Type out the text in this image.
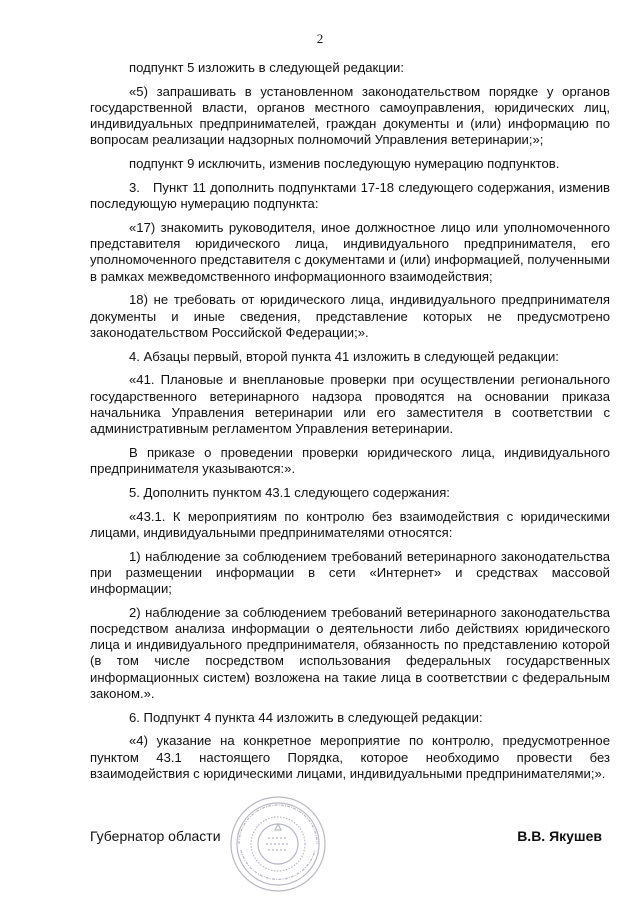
2

подпункт 5 изложить в следующей редакции:

«5) запрашивать в установленном законодательством порядке у органов государственной власти, органов местного самоуправления, юридических лиц, индивидуальных предпринимателей, граждан документы и (или) информацию по вопросам реализации надзорных полномочий Управления ветеринарии;»;

подпункт 9 исключить, изменив последующую нумерацию подпунктов.

3. Пункт 11 дополнить подпунктами 17-18 следующего содержания, изменив последующую нумерацию подпункта:

«17) знакомить руководителя, иное должностное лицо или уполномоченного представителя юридического лица, индивидуального предпринимателя, его уполномоченного представителя с документами и (или) информацией, полученными в рамках межведомственного информационного взаимодействия;

18) не требовать от юридического лица, индивидуального предпринимателя документы и иные сведения, представление которых не предусмотрено законодательством Российской Федерации;».

4. Абзацы первый, второй пункта 41 изложить в следующей редакции:

«41. Плановые и внеплановые проверки при осуществлении регионального государственного ветеринарного надзора проводятся на основании приказа начальника Управления ветеринарии или его заместителя в соответствии с административным регламентом Управления ветеринарии.

В приказе о проведении проверки юридического лица, индивидуального предпринимателя указываются:».

5. Дополнить пунктом 43.1 следующего содержания:

«43.1. К мероприятиям по контролю без взаимодействия с юридическими лицами, индивидуальными предпринимателями относятся:

1) наблюдение за соблюдением требований ветеринарного законодательства при размещении информации в сети «Интернет» и средствах массовой информации;

2) наблюдение за соблюдением требований ветеринарного законодательства посредством анализа информации о деятельности либо действиях юридического лица и индивидуального предпринимателя, обязанность по представлению которой (в том числе посредством использования федеральных государственных информационных систем) возложена на такие лица в соответствии с федеральным законом.».

6. Подпункт 4 пункта 44 изложить в следующей редакции:

«4) указание на конкретное мероприятие по контролю, предусмотренное пунктом 43.1 настоящего Порядка, которое необходимо провести без взаимодействия с юридическими лицами, индивидуальными предпринимателями;».

Губернатор области	В.В. Якушев
